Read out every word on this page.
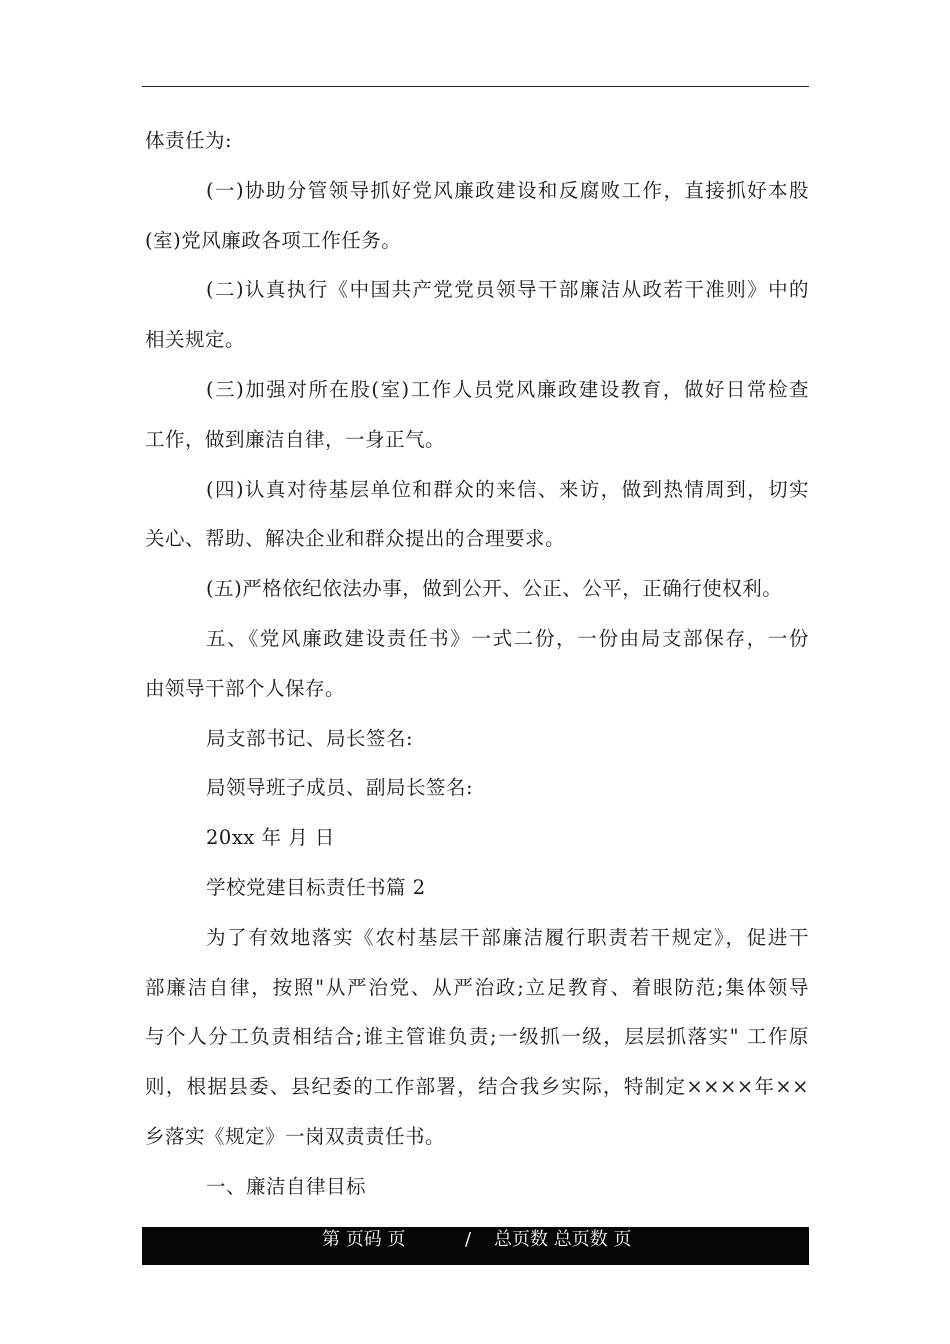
体责任为:
(一)协助分管领导抓好党风廉政建设和反腐败工作，直接抓好本股
(室)党风廉政各项工作任务。
(二)认真执行《中国共产党党员领导干部廉洁从政若干准则》中的
相关规定。
(三)加强对所在股(室)工作人员党风廉政建设教育，做好日常检查
工作，做到廉洁自律，一身正气。
(四)认真对待基层单位和群众的来信、来访，做到热情周到，切实
关心、帮助、解决企业和群众提出的合理要求。
(五)严格依纪依法办事，做到公开、公正、公平，正确行使权利。
五、《党风廉政建设责任书》一式二份，一份由局支部保存，一份
由领导干部个人保存。
局支部书记、局长签名:
局领导班子成员、副局长签名:
20xx 年 月 日
学校党建目标责任书篇 2
为了有效地落实《农村基层干部廉洁履行职责若干规定》，促进干
部廉洁自律，按照"从严治党、从严治政;立足教育、着眼防范;集体领导
与个人分工负责相结合;谁主管谁负责;一级抓一级，层层抓落实" 工作原
则，根据县委、县纪委的工作部署，结合我乡实际，特制定××××年××
乡落实《规定》一岗双责责任书。
一、廉洁自律目标
第 页码 页	/ 总页数 总页数 页
